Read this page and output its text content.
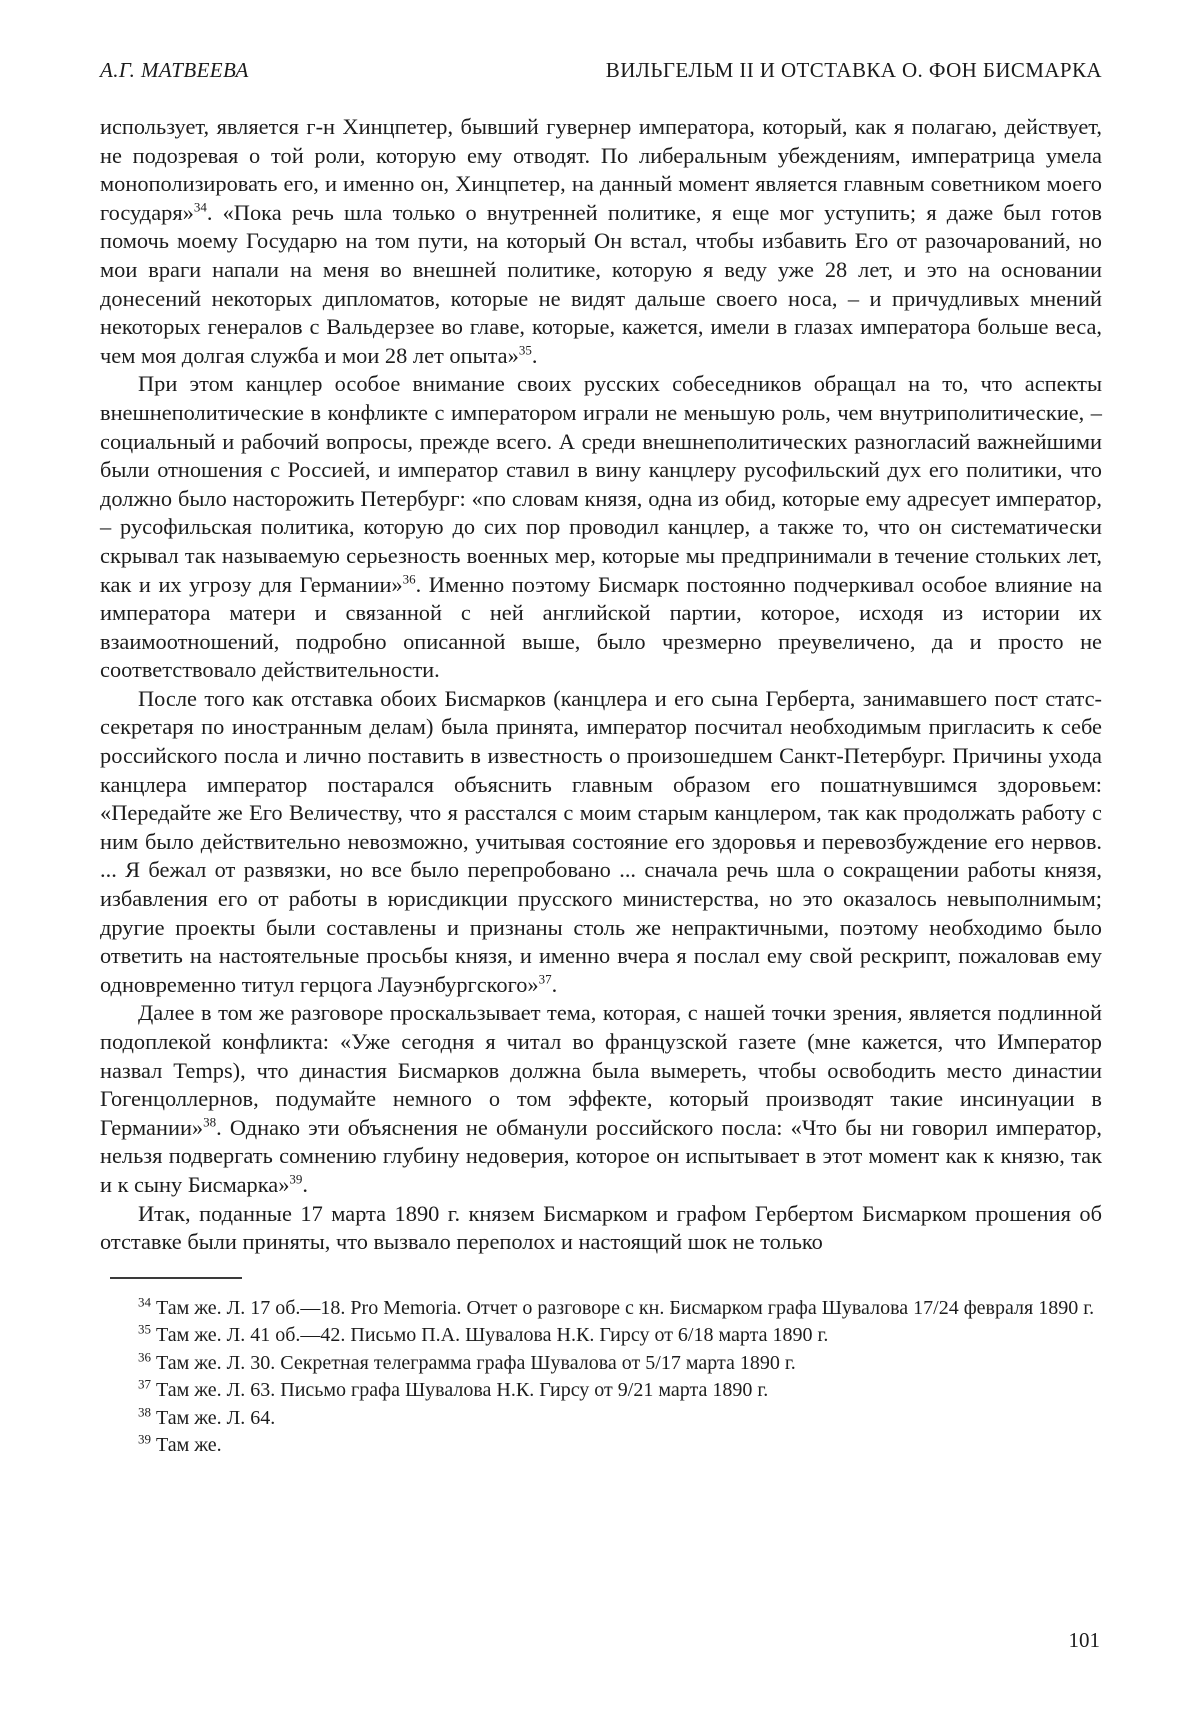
А.Г. МАТВЕЕВА	ВИЛЬГЕЛЬМ II И ОТСТАВКА О. ФОН БИСМАРКА

использует, является г-н Хинцпетер, бывший гувернер императора, который, как я полагаю, действует, не подозревая о той роли, которую ему отводят. По либеральным убеждениям, императрица умела монополизировать его, и именно он, Хинцпетер, на данный момент является главным советником моего государя»$^{34}$. «Пока речь шла только о внутренней политике, я еще мог уступить; я даже был готов помочь моему Государю на том пути, на который Он встал, чтобы избавить Его от разочарований, но мои враги напали на меня во внешней политике, которую я веду уже 28 лет, и это на основании донесений некоторых дипломатов, которые не видят дальше своего носа, – и причудливых мнений некоторых генералов с Вальдерзее во главе, которые, кажется, имели в глазах императора больше веса, чем моя долгая служба и мои 28 лет опыта»$^{35}$.

При этом канцлер особое внимание своих русских собеседников обращал на то, что аспекты внешнеполитические в конфликте с императором играли не меньшую роль, чем внутриполитические, – социальный и рабочий вопросы, прежде всего. А среди внешнеполитических разногласий важнейшими были отношения с Россией, и император ставил в вину канцлеру русофильский дух его политики, что должно было насторожить Петербург: «по словам князя, одна из обид, которые ему адресует император, – русофильская политика, которую до сих пор проводил канцлер, а также то, что он систематически скрывал так называемую серьезность военных мер, которые мы предпринимали в течение стольких лет, как и их угрозу для Германии»$^{36}$. Именно поэтому Бисмарк постоянно подчеркивал особое влияние на императора матери и связанной с ней английской партии, которое, исходя из истории их взаимоотношений, подробно описанной выше, было чрезмерно преувеличено, да и просто не соответствовало действительности.

После того как отставка обоих Бисмарков (канцлера и его сына Герберта, занимавшего пост статс-секретаря по иностранным делам) была принята, император посчитал необходимым пригласить к себе российского посла и лично поставить в известность о произошедшем Санкт-Петербург. Причины ухода канцлера император постарался объяснить главным образом его пошатнувшимся здоровьем: «Передайте же Его Величеству, что я расстался с моим старым канцлером, так как продолжать работу с ним было действительно невозможно, учитывая состояние его здоровья и перевозбуждение его нервов. ... Я бежал от развязки, но все было перепробовано ... сначала речь шла о сокращении работы князя, избавления его от работы в юрисдикции прусского министерства, но это оказалось невыполнимым; другие проекты были составлены и признаны столь же непрактичными, поэтому необходимо было ответить на настоятельные просьбы князя, и именно вчера я послал ему свой рескрипт, пожаловав ему одновременно титул герцога Лауэнбургского»$^{37}$.

Далее в том же разговоре проскальзывает тема, которая, с нашей точки зрения, является подлинной подоплекой конфликта: «Уже сегодня я читал во французской газете (мне кажется, что Император назвал Temps), что династия Бисмарков должна была вымереть, чтобы освободить место династии Гогенцоллернов, подумайте немного о том эффекте, который производят такие инсинуации в Германии»$^{38}$. Однако эти объяснения не обманули российского посла: «Что бы ни говорил император, нельзя подвергать сомнению глубину недоверия, которое он испытывает в этот момент как к князю, так и к сыну Бисмарка»$^{39}$.

Итак, поданные 17 марта 1890 г. князем Бисмарком и графом Гербертом Бисмарком прошения об отставке были приняты, что вызвало переполох и настоящий шок не только

$^{34}$ Там же. Л. 17 об.—18. Pro Memoria. Отчет о разговоре с кн. Бисмарком графа Шувалова 17/24 февраля 1890 г.

$^{35}$ Там же. Л. 41 об.—42. Письмо П.А. Шувалова Н.К. Гирсу от 6/18 марта 1890 г.

$^{36}$ Там же. Л. 30. Секретная телеграмма графа Шувалова от 5/17 марта 1890 г.

$^{37}$ Там же. Л. 63. Письмо графа Шувалова Н.К. Гирсу от 9/21 марта 1890 г.

$^{38}$ Там же. Л. 64.

$^{39}$ Там же.

101
